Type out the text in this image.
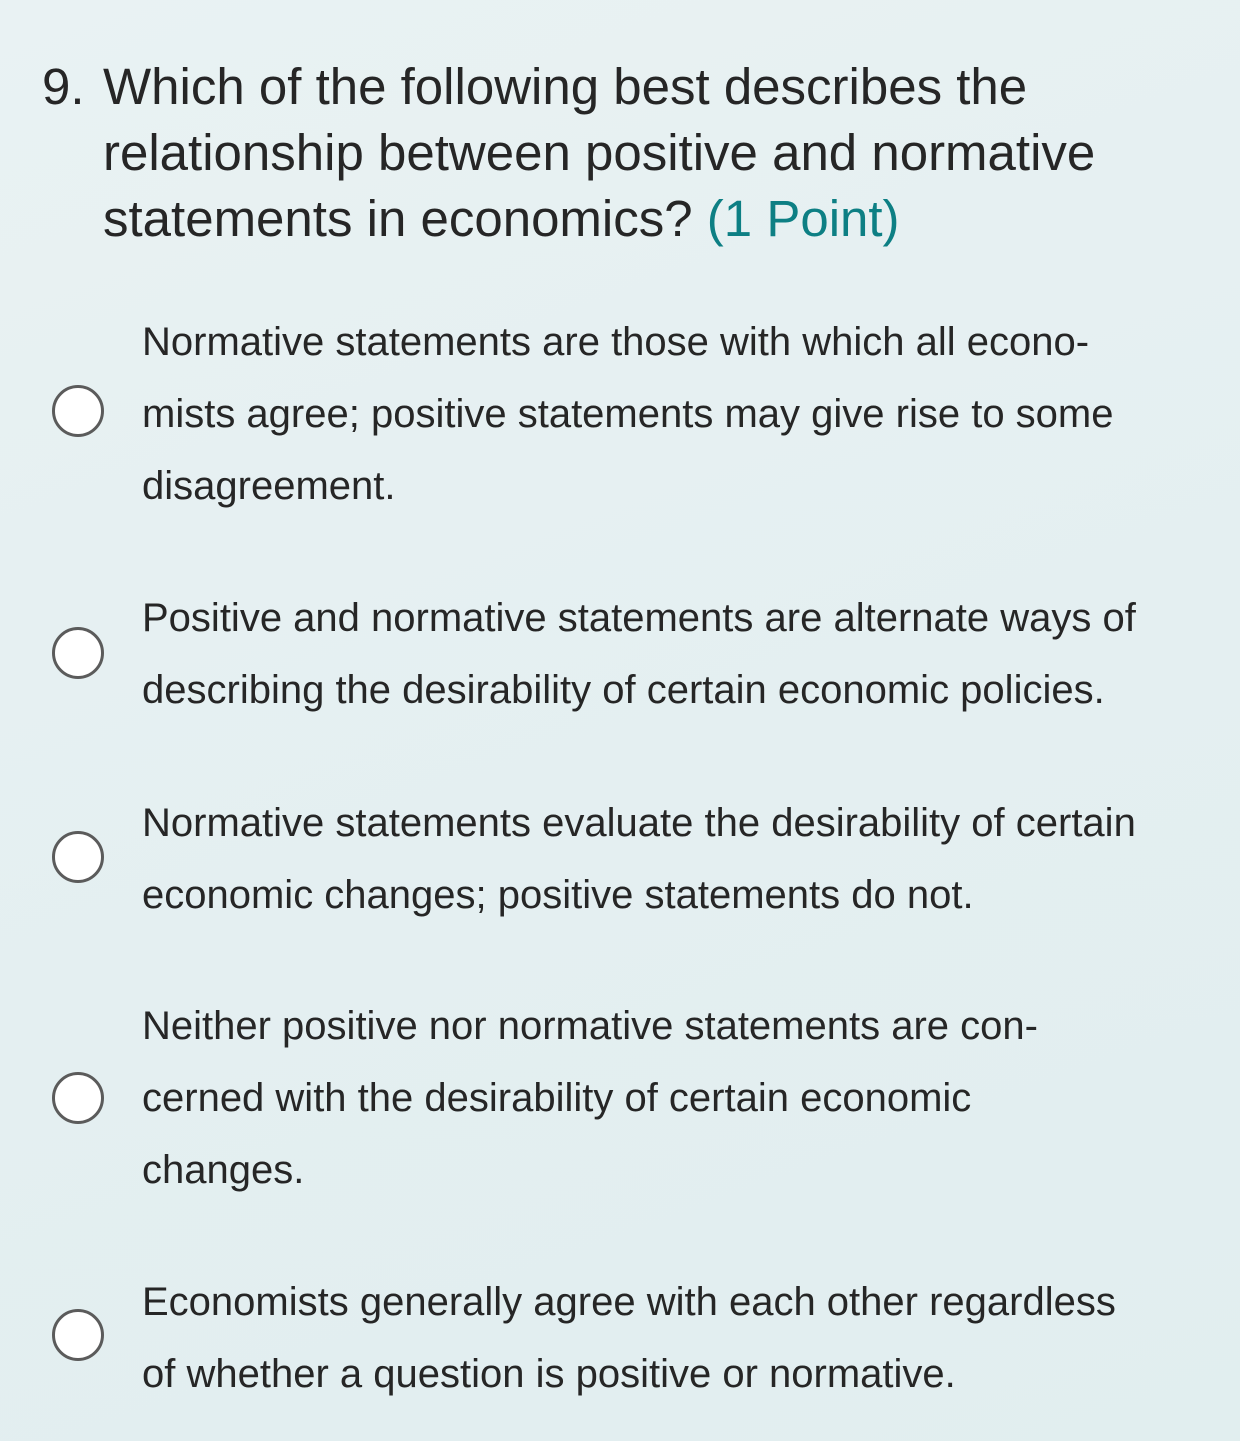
9. Which of the following best describes the relationship between positive and normative statements in economics? (1 Point)
Normative statements are those with which all econo-
mists agree; positive statements may give rise to some
disagreement.
Positive and normative statements are alternate ways of
describing the desirability of certain economic policies.
Normative statements evaluate the desirability of certain
economic changes; positive statements do not.
Neither positive nor normative statements are con-
cerned with the desirability of certain economic
changes.
Economists generally agree with each other regardless
of whether a question is positive or normative.
